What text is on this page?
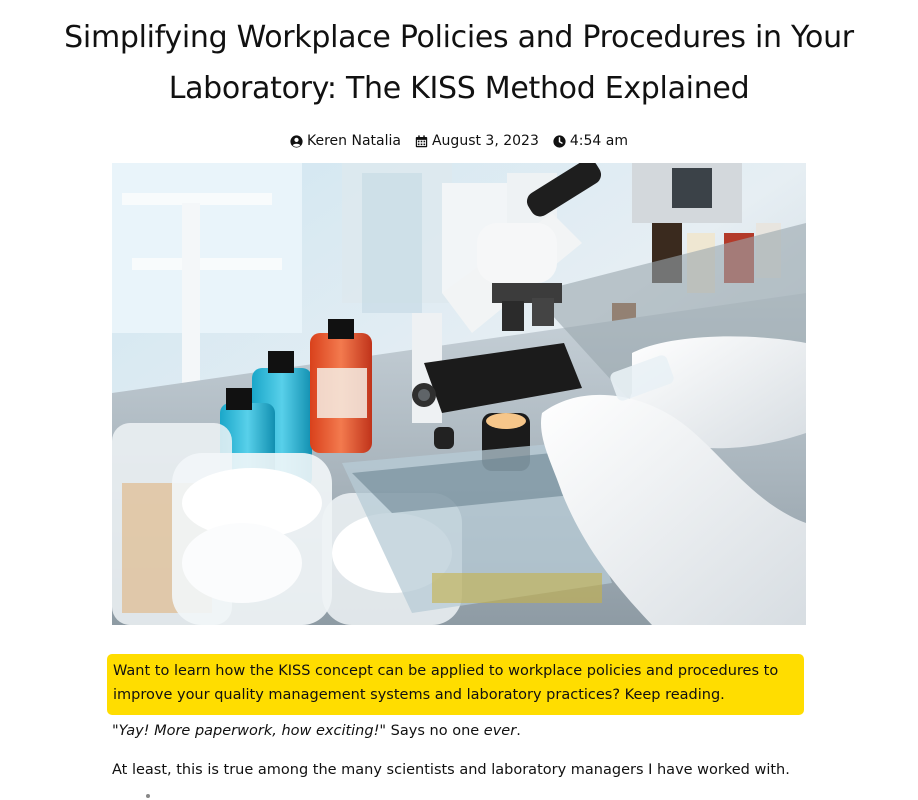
Simplifying Workplace Policies and Procedures in Your Laboratory: The KISS Method Explained
Keren Natalia August 3, 2023 4:54 am
Want to learn how the KISS concept can be applied to workplace policies and procedures to improve your quality management systems and laboratory practices? Keep reading.

"Yay! More paperwork, how exciting!" Says no one ever.

At least, this is true among the many scientists and laboratory managers I have worked with.
